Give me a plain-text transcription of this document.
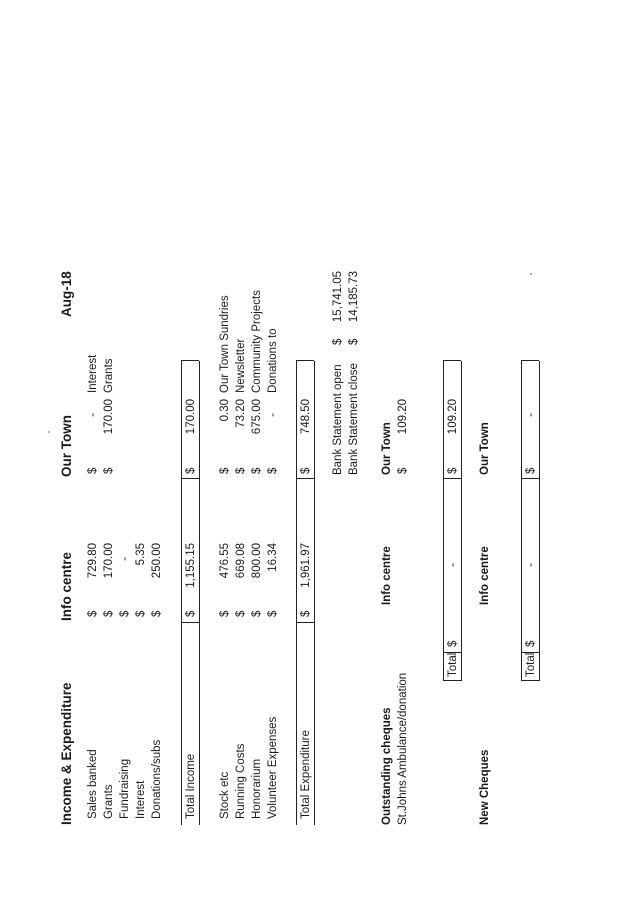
Income & Expenditure
Info centre
Our Town
Aug-18
Sales banked Grants Fundraising Interest Donations/subs
$ $ $ $ $
729.80 170.00 - 5.35 250.00
$ $
- 170.00
Interest Grants
Total Income
$
1,155.15
$
170.00
Stock etc Running Costs Honorarium Volunteer Expenses
$ $ $ $
476.55 669.08 800.00 16.34
$ $ $ $
0.30 73.20 675.00 -
Our Town Sundries Newsletter Community Projects Donations to
Total Expenditure
$
1,961.97
$
748.50 Bank Statement open Bank Statement close
$ $
15,741.05 14,185.73
Outstanding cheques St.Johns Ambulance/donation
Info centre
Our Town $
109.20
Total
$
-
$
109.20
New Cheques
Info centre
Our Town
Total
$
-
$
-
